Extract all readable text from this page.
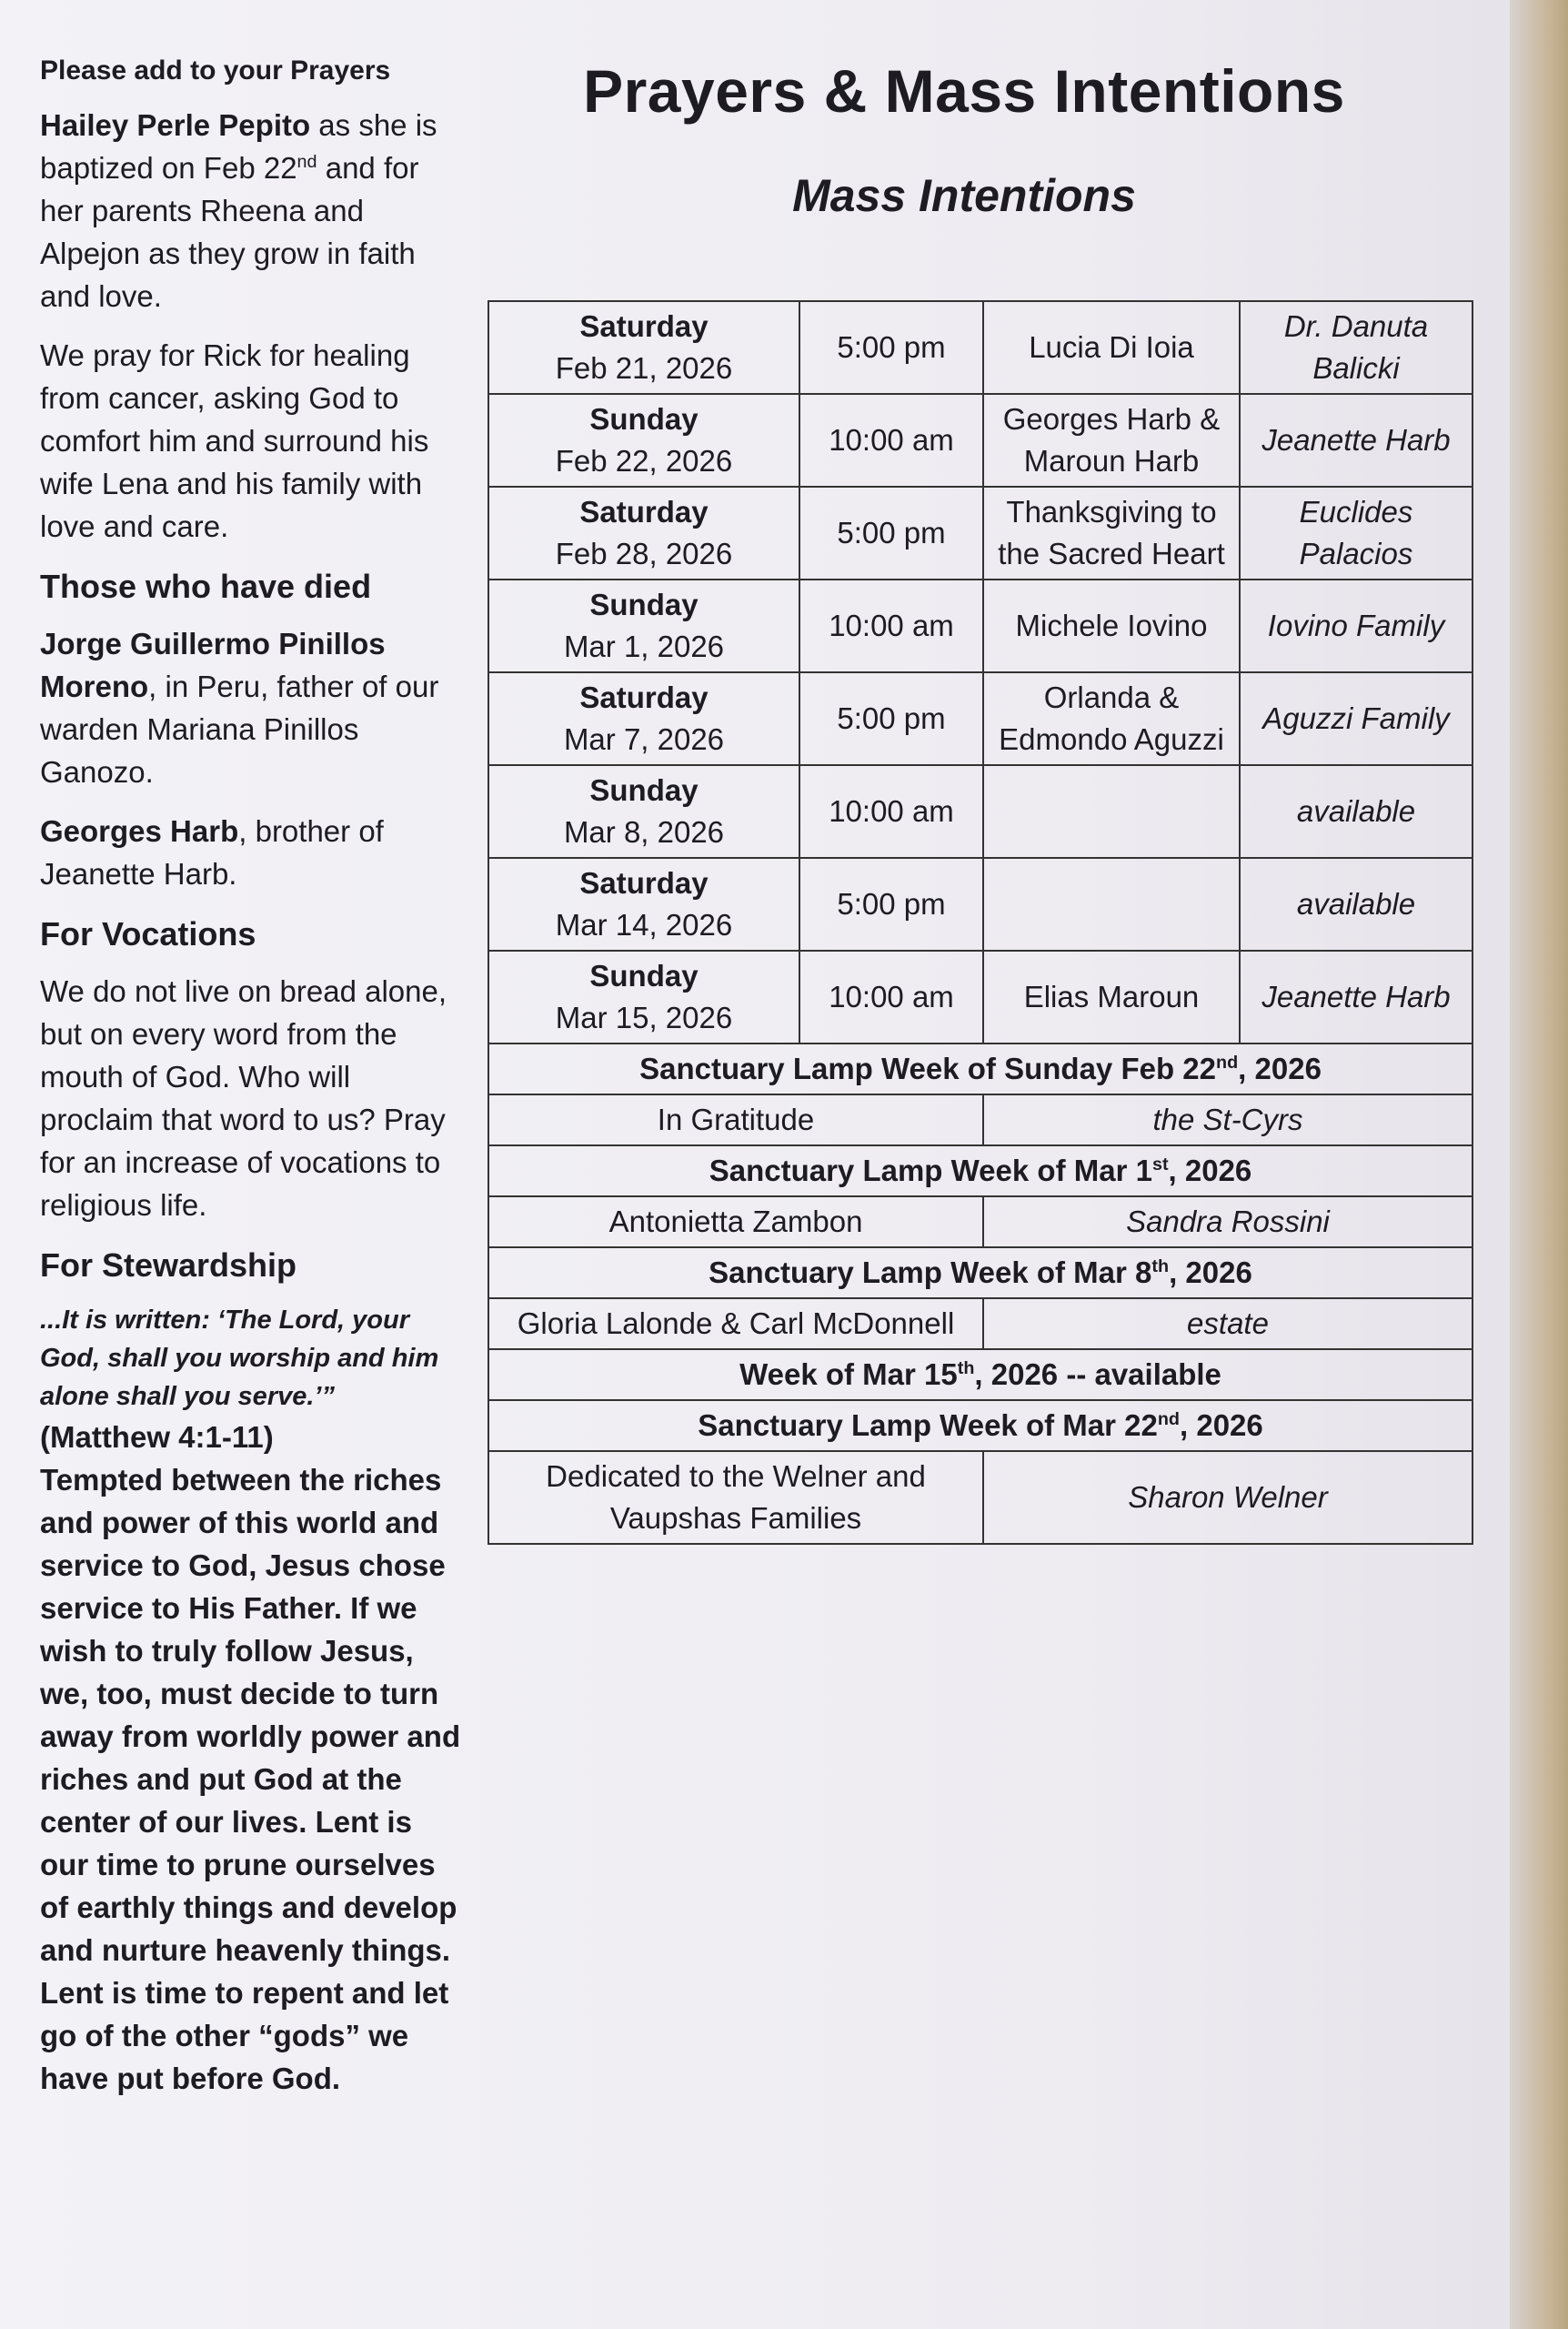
Please add to your Prayers

Hailey Perle Pepito as she is baptized on Feb 22nd and for her parents Rheena and Alpejon as they grow in faith and love.

We pray for Rick for healing from cancer, asking God to comfort him and surround his wife Lena and his family with love and care.

Those who have died

Jorge Guillermo Pinillos Moreno, in Peru, father of our warden Mariana Pinillos Ganozo.

Georges Harb, brother of Jeanette Harb.

For Vocations

We do not live on bread alone, but on every word from the mouth of God. Who will proclaim that word to us? Pray for an increase of vocations to religious life.

For Stewardship

...It is written: ‘The Lord, your God, shall you worship and him alone shall you serve.’”

(Matthew 4:1-11)

Tempted between the riches and power of this world and service to God, Jesus chose service to His Father. If we wish to truly follow Jesus, we, too, must decide to turn away from worldly power and riches and put God at the center of our lives. Lent is our time to prune ourselves of earthly things and develop and nurture heavenly things. Lent is time to repent and let go of the other “gods” we have put before God.

Prayers & Mass Intentions
Mass Intentions
Saturday
Feb 21, 2026	5:00 pm	Lucia Di Ioia	Dr. Danuta Balicki

Sunday
Feb 22, 2026	10:00 am	Georges Harb & Maroun Harb	Jeanette Harb

Saturday
Feb 28, 2026	5:00 pm	Thanksgiving to the Sacred Heart	Euclides Palacios

Sunday
Mar 1, 2026	10:00 am	Michele Iovino	Iovino Family

Saturday
Mar 7, 2026	5:00 pm	Orlanda & Edmondo Aguzzi	Aguzzi Family

Sunday
Mar 8, 2026	10:00 am		available

Saturday
Mar 14, 2026	5:00 pm		available

Sunday
Mar 15, 2026	10:00 am	Elias Maroun	Jeanette Harb
Sanctuary Lamp Week of Sunday Feb 22nd, 2026			
In Gratitude		the St-Cyrs	
Sanctuary Lamp Week of Mar 1st, 2026			
Antonietta Zambon		Sandra Rossini	
Sanctuary Lamp Week of Mar 8th, 2026			
Gloria Lalonde & Carl McDonnell		estate	
Week of Mar 15th, 2026 -- available			
Sanctuary Lamp Week of Mar 22nd, 2026			
Dedicated to the Welner and Vaupshas Families		Sharon Welner	
